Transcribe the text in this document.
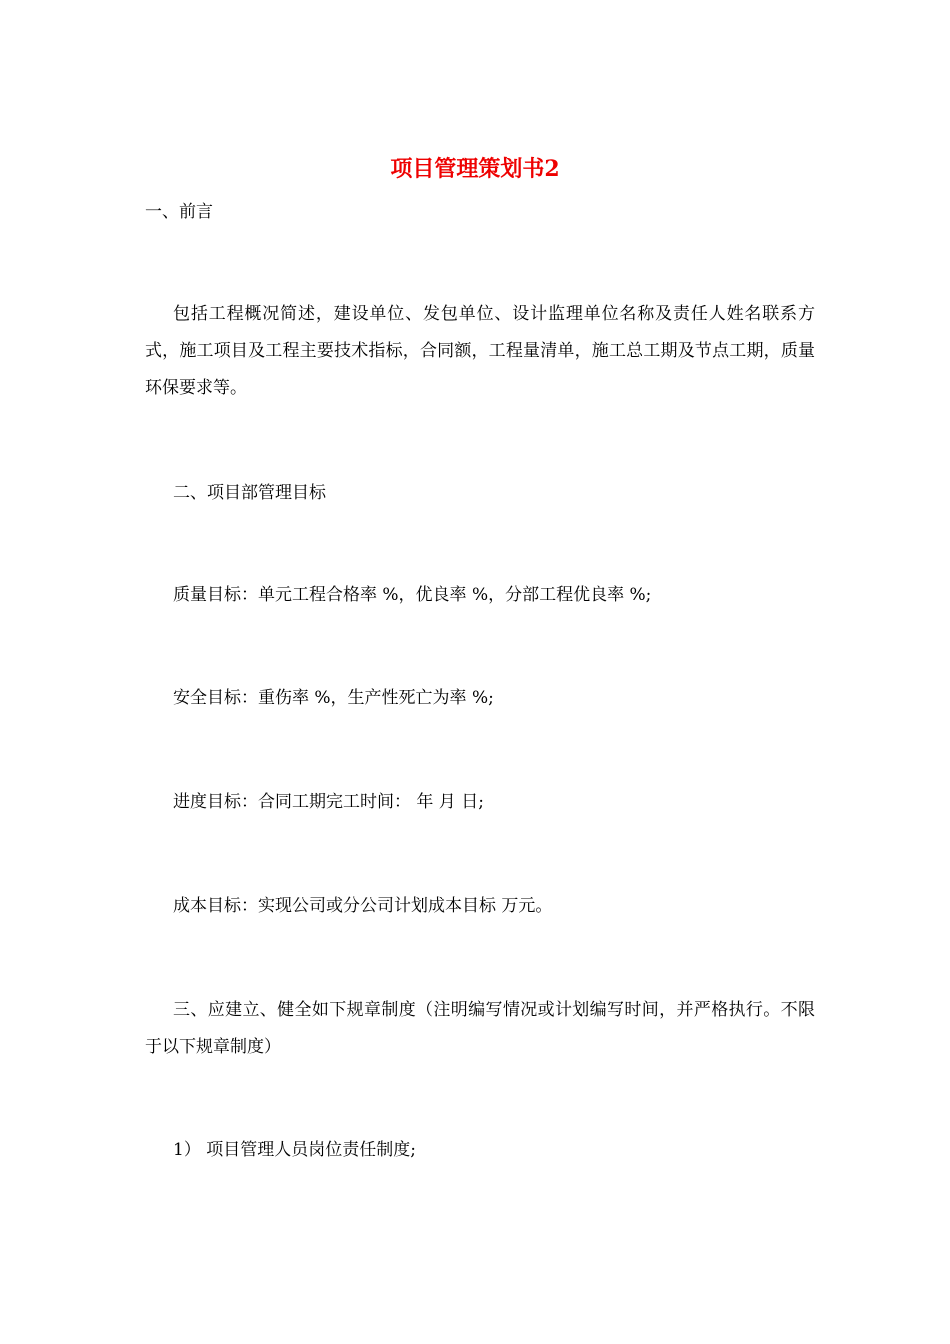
项目管理策划书2
一、前言
包括工程概况简述，建设单位、发包单位、设计监理单位名称及责任人姓名联系方式，施工项目及工程主要技术指标，合同额，工程量清单，施工总工期及节点工期，质量环保要求等。
二、项目部管理目标
质量目标：单元工程合格率 %，优良率 %，分部工程优良率 %;
安全目标：重伤率 %，生产性死亡为率 %;
进度目标：合同工期完工时间： 年 月 日;
成本目标：实现公司或分公司计划成本目标 万元。
三、应建立、健全如下规章制度（注明编写情况或计划编写时间，并严格执行。不限于以下规章制度）
1） 项目管理人员岗位责任制度;
